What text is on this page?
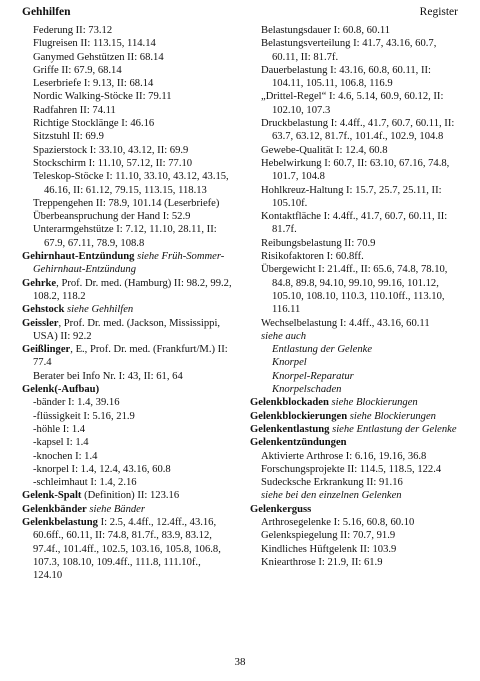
Gehhilfen	Register
Federung II: 73.12
Flugreisen II: 113.15, 114.14
Ganymed Gehstützen II: 68.14
Griffe II: 67.9, 68.14
Leserbriefe I: 9.13, II: 68.14
Nordic Walking-Stöcke II: 79.11
Radfahren II: 74.11
Richtige Stocklänge I: 46.16
Sitzstuhl II: 69.9
Spazierstock I: 33.10, 43.12, II: 69.9
Stockschirm I: 11.10, 57.12, II: 77.10
Teleskop-Stöcke I: 11.10, 33.10, 43.12, 43.15, 46.16, II: 61.12, 79.15, 113.15, 118.13
Treppengehen II: 78.9, 101.14 (Leserbriefe)
Überbeanspruchung der Hand I: 52.9
Unterarmgehstütze I: 7.12, 11.10, 28.11, II: 67.9, 67.11, 78.9, 108.8
Gehirnhaut-Entzündung siehe Früh-Sommer-Gehirnhaut-Entzündung
Gehrke, Prof. Dr. med. (Hamburg) II: 98.2, 99.2, 108.2, 118.2
Gehstock siehe Gehhilfen
Geissler, Prof. Dr. med. (Jackson, Mississippi, USA) II: 92.2
Geißlinger, E., Prof. Dr. med. (Frankfurt/M.) II: 77.4
Berater bei Info Nr. I: 43, II: 61, 64
Gelenk(-Aufbau)
-bänder I: 1.4, 39.16
-flüssigkeit I: 5.16, 21.9
-höhle I: 1.4
-kapsel I: 1.4
-knochen I: 1.4
-knorpel I: 1.4, 12.4, 43.16, 60.8
-schleimhaut I: 1.4, 2.16
Gelenk-Spalt (Definition) II: 123.16
Gelenkbänder siehe Bänder
Gelenkbelastung I: 2.5, 4.4ff., 12.4ff., 43.16, 60.6ff., 60.11, II: 74.8, 81.7f., 83.9, 83.12, 97.4f., 101.4ff., 102.5, 103.16, 105.8, 106.8, 107.3, 108.10, 109.4ff., 111.8, 111.10f., 124.10
Belastungsdauer I: 60.8, 60.11
Belastungsverteilung I: 41.7, 43.16, 60.7, 60.11, II: 81.7f.
Dauerbelastung I: 43.16, 60.8, 60.11, II: 104.11, 105.11, 106.8, 116.9
„Drittel-Regel“ I: 4.6, 5.14, 60.9, 60.12, II: 102.10, 107.3
Druckbelastung I: 4.4ff., 41.7, 60.7, 60.11, II: 63.7, 63.12, 81.7f., 101.4f., 102.9, 104.8
Gewebe-Qualität I: 12.4, 60.8
Hebelwirkung I: 60.7, II: 63.10, 67.16, 74.8, 101.7, 104.8
Hohlkreuz-Haltung I: 15.7, 25.7, 25.11, II: 105.10f.
Kontaktfläche I: 4.4ff., 41.7, 60.7, 60.11, II: 81.7f.
Reibungsbelastung II: 70.9
Risikofaktoren I: 60.8ff.
Übergewicht I: 21.4ff., II: 65.6, 74.8, 78.10, 84.8, 89.8, 94.10, 99.10, 99.16, 101.12, 105.10, 108.10, 110.3, 110.10ff., 113.10, 116.11
Wechselbelastung I: 4.4ff., 43.16, 60.11
siehe auch
Entlastung der Gelenke
Knorpel
Knorpel-Reparatur
Knorpelschaden
Gelenkblockaden siehe Blockierungen
Gelenkblockierungen siehe Blockierungen
Gelenkentlastung siehe Entlastung der Gelenke
Gelenkentzündungen
Aktivierte Arthrose I: 6.16, 19.16, 36.8
Forschungsprojekte II: 114.5, 118.5, 122.4
Sudecksche Erkrankung II: 91.16
siehe bei den einzelnen Gelenken
Gelenkerguss
Arthrosegelenke I: 5.16, 60.8, 60.10
Gelenkspiegelung II: 70.7, 91.9
Kindliches Hüftgelenk II: 103.9
Kniearthrose I: 21.9, II: 61.9
38
